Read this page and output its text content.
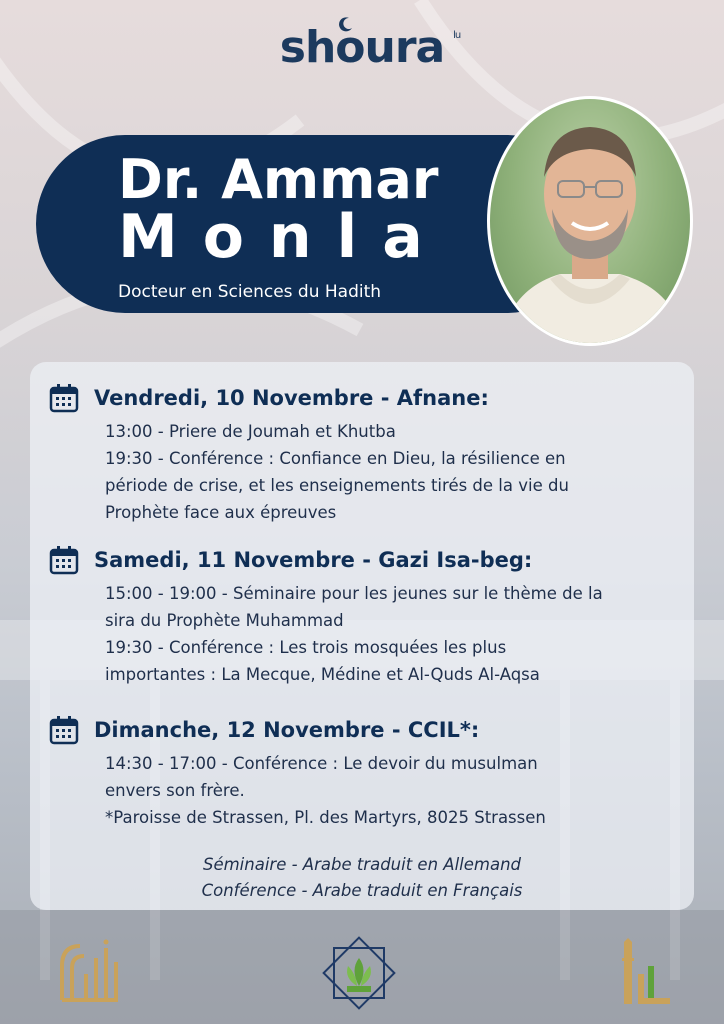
shoura lu
Dr. Ammar
Monla
Docteur en Sciences du Hadith
Vendredi, 10 Novembre - Afnane:
13:00 - Priere de Joumah et Khutba
19:30 - Conférence : Confiance en Dieu, la résilience en
période de crise, et les enseignements tirés de la vie du
Prophète face aux épreuves
Samedi, 11 Novembre - Gazi Isa-beg:
15:00 - 19:00 - Séminaire pour les jeunes sur le thème de la
sira du Prophète Muhammad
19:30 - Conférence : Les trois mosquées les plus
importantes : La Mecque, Médine et Al-Quds Al-Aqsa
Dimanche, 12 Novembre - CCIL*:
14:30 - 17:00 - Conférence : Le devoir du musulman
envers son frère.
*Paroisse de Strassen, Pl. des Martyrs, 8025 Strassen
Séminaire - Arabe traduit en Allemand
Conférence - Arabe traduit en Français
